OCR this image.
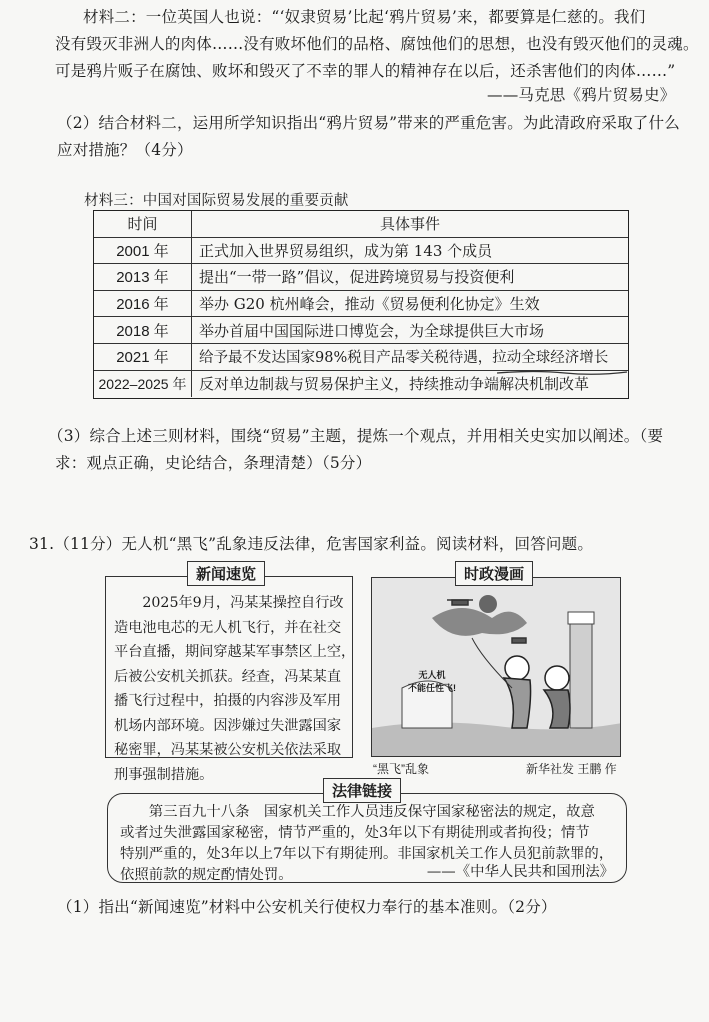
材料二：一位英国人也说：“‘奴隶贸易’比起‘鸦片贸易’来，都要算是仁慈的。我们
没有毁灭非洲人的肉体……没有败坏他们的品格、腐蚀他们的思想，也没有毁灭他们的灵魂。
可是鸦片贩子在腐蚀、败坏和毁灭了不幸的罪人的精神存在以后，还杀害他们的肉体……”
——马克思《鸦片贸易史》
（2）结合材料二，运用所学知识指出“鸦片贸易”带来的严重危害。为此清政府采取了什么
应对措施？（4分）
材料三：中国对国际贸易发展的重要贡献
时间	具体事件
2001 年	正式加入世界贸易组织，成为第 143 个成员
2013 年	提出“一带一路”倡议，促进跨境贸易与投资便利
2016 年	举办 G20 杭州峰会，推动《贸易便利化协定》生效
2018 年	举办首届中国国际进口博览会，为全球提供巨大市场
2021 年	给予最不发达国家98%税目产品零关税待遇，拉动全球经济增长
2022–2025 年 反对单边制裁与贸易保护主义，持续推动争端解决机制改革
（3）综合上述三则材料，围绕“贸易”主题，提炼一个观点，并用相关史实加以阐述。（要
求：观点正确，史论结合，条理清楚）（5分）
31.（11分）无人机“黑飞”乱象违反法律，危害国家利益。阅读材料，回答问题。
　　2025年9月，冯某某操控自行改
造电池电芯的无人机飞行，并在社交
平台直播，期间穿越某军事禁区上空，
后被公安机关抓获。经查，冯某某直
播飞行过程中，拍摄的内容涉及军用
机场内部环境。因涉嫌过失泄露国家
秘密罪，冯某某被公安机关依法采取
刑事强制措施。
新闻速览
无人机
不能任性飞!
时政漫画
“黑飞”乱象	新华社发 王鹏 作
　　第三百九十八条　国家机关工作人员违反保守国家秘密法的规定，故意
或者过失泄露国家秘密，情节严重的，处3年以下有期徒刑或者拘役；情节
特别严重的，处3年以上7年以下有期徒刑。非国家机关工作人员犯前款罪的，
依照前款的规定酌情处罚。	——《中华人民共和国刑法》
法律链接
（1）指出“新闻速览”材料中公安机关行使权力奉行的基本准则。（2分）
